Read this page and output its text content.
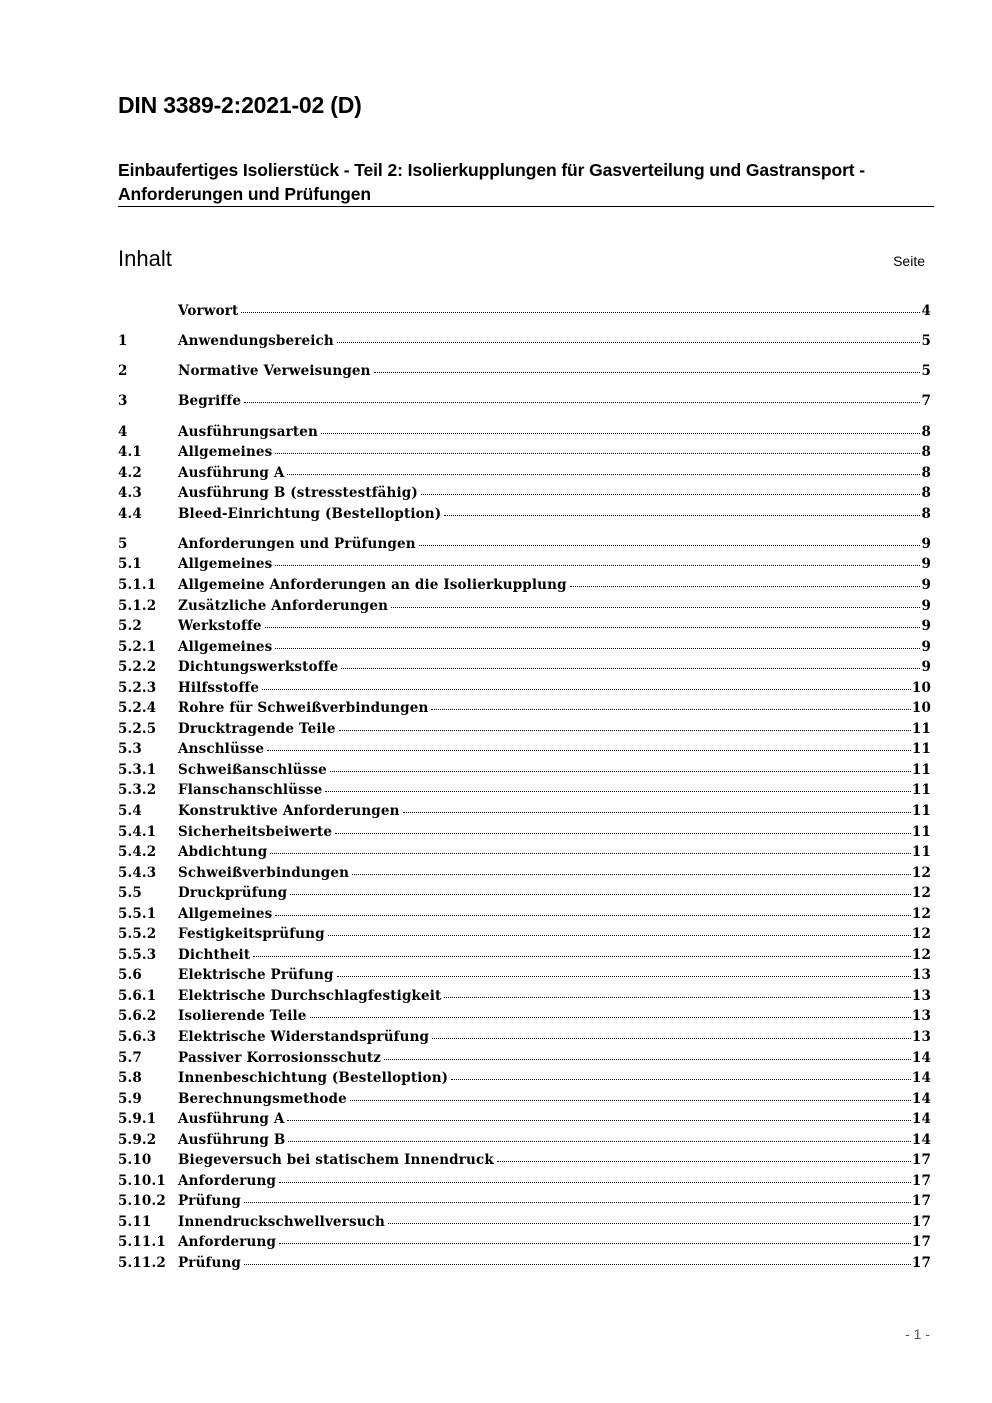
DIN 3389-2:2021-02 (D)
Einbaufertiges Isolierstück - Teil 2: Isolierkupplungen für Gasverteilung und Gastransport - Anforderungen und Prüfungen
Inhalt	Seite
Vorwort	4
1	Anwendungsbereich	5
2	Normative Verweisungen	5
3	Begriffe	7
4	Ausführungsarten	8
4.1	Allgemeines	8
4.2	Ausführung A	8
4.3	Ausführung B (stresstestfähig)	8
4.4	Bleed-Einrichtung (Bestelloption)	8
5	Anforderungen und Prüfungen	9
5.1	Allgemeines	9
5.1.1	Allgemeine Anforderungen an die Isolierkupplung	9
5.1.2	Zusätzliche Anforderungen	9
5.2	Werkstoffe	9
5.2.1	Allgemeines	9
5.2.2	Dichtungswerkstoffe	9
5.2.3	Hilfsstoffe	10
5.2.4	Rohre für Schweißverbindungen	10
5.2.5	Drucktragende Teile	11
5.3	Anschlüsse	11
5.3.1	Schweißanschlüsse	11
5.3.2	Flanschanschlüsse	11
5.4	Konstruktive Anforderungen	11
5.4.1	Sicherheitsbeiwerte	11
5.4.2	Abdichtung	11
5.4.3	Schweißverbindungen	12
5.5	Druckprüfung	12
5.5.1	Allgemeines	12
5.5.2	Festigkeitsprüfung	12
5.5.3	Dichtheit	12
5.6	Elektrische Prüfung	13
5.6.1	Elektrische Durchschlagfestigkeit	13
5.6.2	Isolierende Teile	13
5.6.3	Elektrische Widerstandsprüfung	13
5.7	Passiver Korrosionsschutz	14
5.8	Innenbeschichtung (Bestelloption)	14
5.9	Berechnungsmethode	14
5.9.1	Ausführung A	14
5.9.2	Ausführung B	14
5.10	Biegeversuch bei statischem Innendruck	17
5.10.1 Anforderung	17
5.10.2 Prüfung	17
5.11	Innendruckschwellversuch	17
5.11.1 Anforderung	17
5.11.2 Prüfung	17
- 1 -
